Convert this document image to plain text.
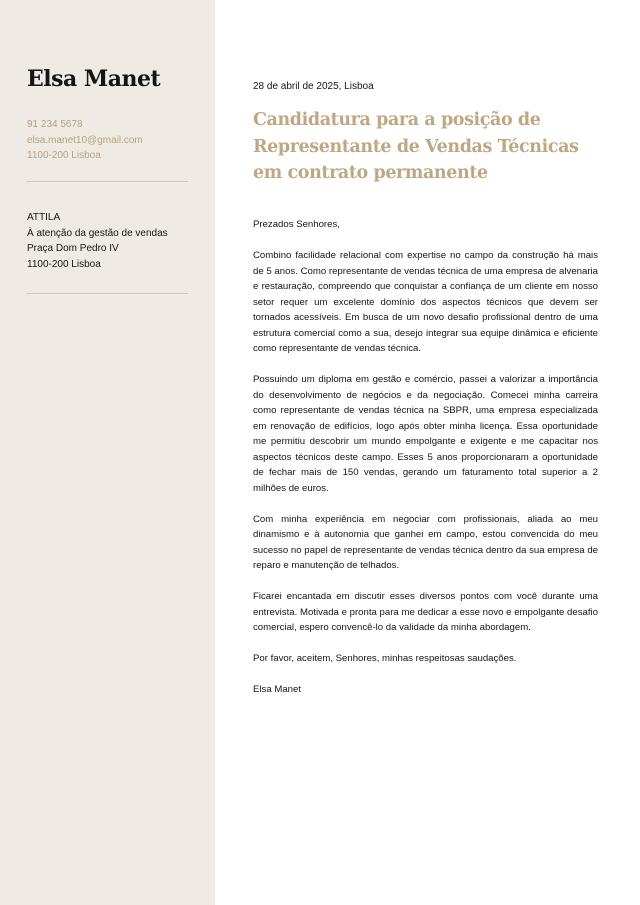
Elsa Manet
91 234 5678
elsa.manet10@gmail.com
1100-200 Lisboa
ATTILA
À atenção da gestão de vendas
Praça Dom Pedro IV
1100-200 Lisboa
28 de abril de 2025, Lisboa
Candidatura para a posição de Representante de Vendas Técnicas em contrato permanente

Prezados Senhores,

Combino facilidade relacional com expertise no campo da construção há mais de 5 anos. Como representante de vendas técnica de uma empresa de alvenaria e restauração, compreendo que conquistar a confiança de um cliente em nosso setor requer um excelente domínio dos aspectos técnicos que devem ser tornados acessíveis. Em busca de um novo desafio profissional dentro de uma estrutura comercial como a sua, desejo integrar sua equipe dinâmica e eficiente como representante de vendas técnica.

Possuindo um diploma em gestão e comércio, passei a valorizar a importância do desenvolvimento de negócios e da negociação. Comecei minha carreira como representante de vendas técnica na SBPR, uma empresa especializada em renovação de edifícios, logo após obter minha licença. Essa oportunidade me permitiu descobrir um mundo empolgante e exigente e me capacitar nos aspectos técnicos deste campo. Esses 5 anos proporcionaram a oportunidade de fechar mais de 150 vendas, gerando um faturamento total superior a 2 milhões de euros.

Com minha experiência em negociar com profissionais, aliada ao meu dinamismo e à autonomia que ganhei em campo, estou convencida do meu sucesso no papel de representante de vendas técnica dentro da sua empresa de reparo e manutenção de telhados.

Ficarei encantada em discutir esses diversos pontos com você durante uma entrevista. Motivada e pronta para me dedicar a esse novo e empolgante desafio comercial, espero convencê-lo da validade da minha abordagem.

Por favor, aceitem, Senhores, minhas respeitosas saudações.

Elsa Manet
